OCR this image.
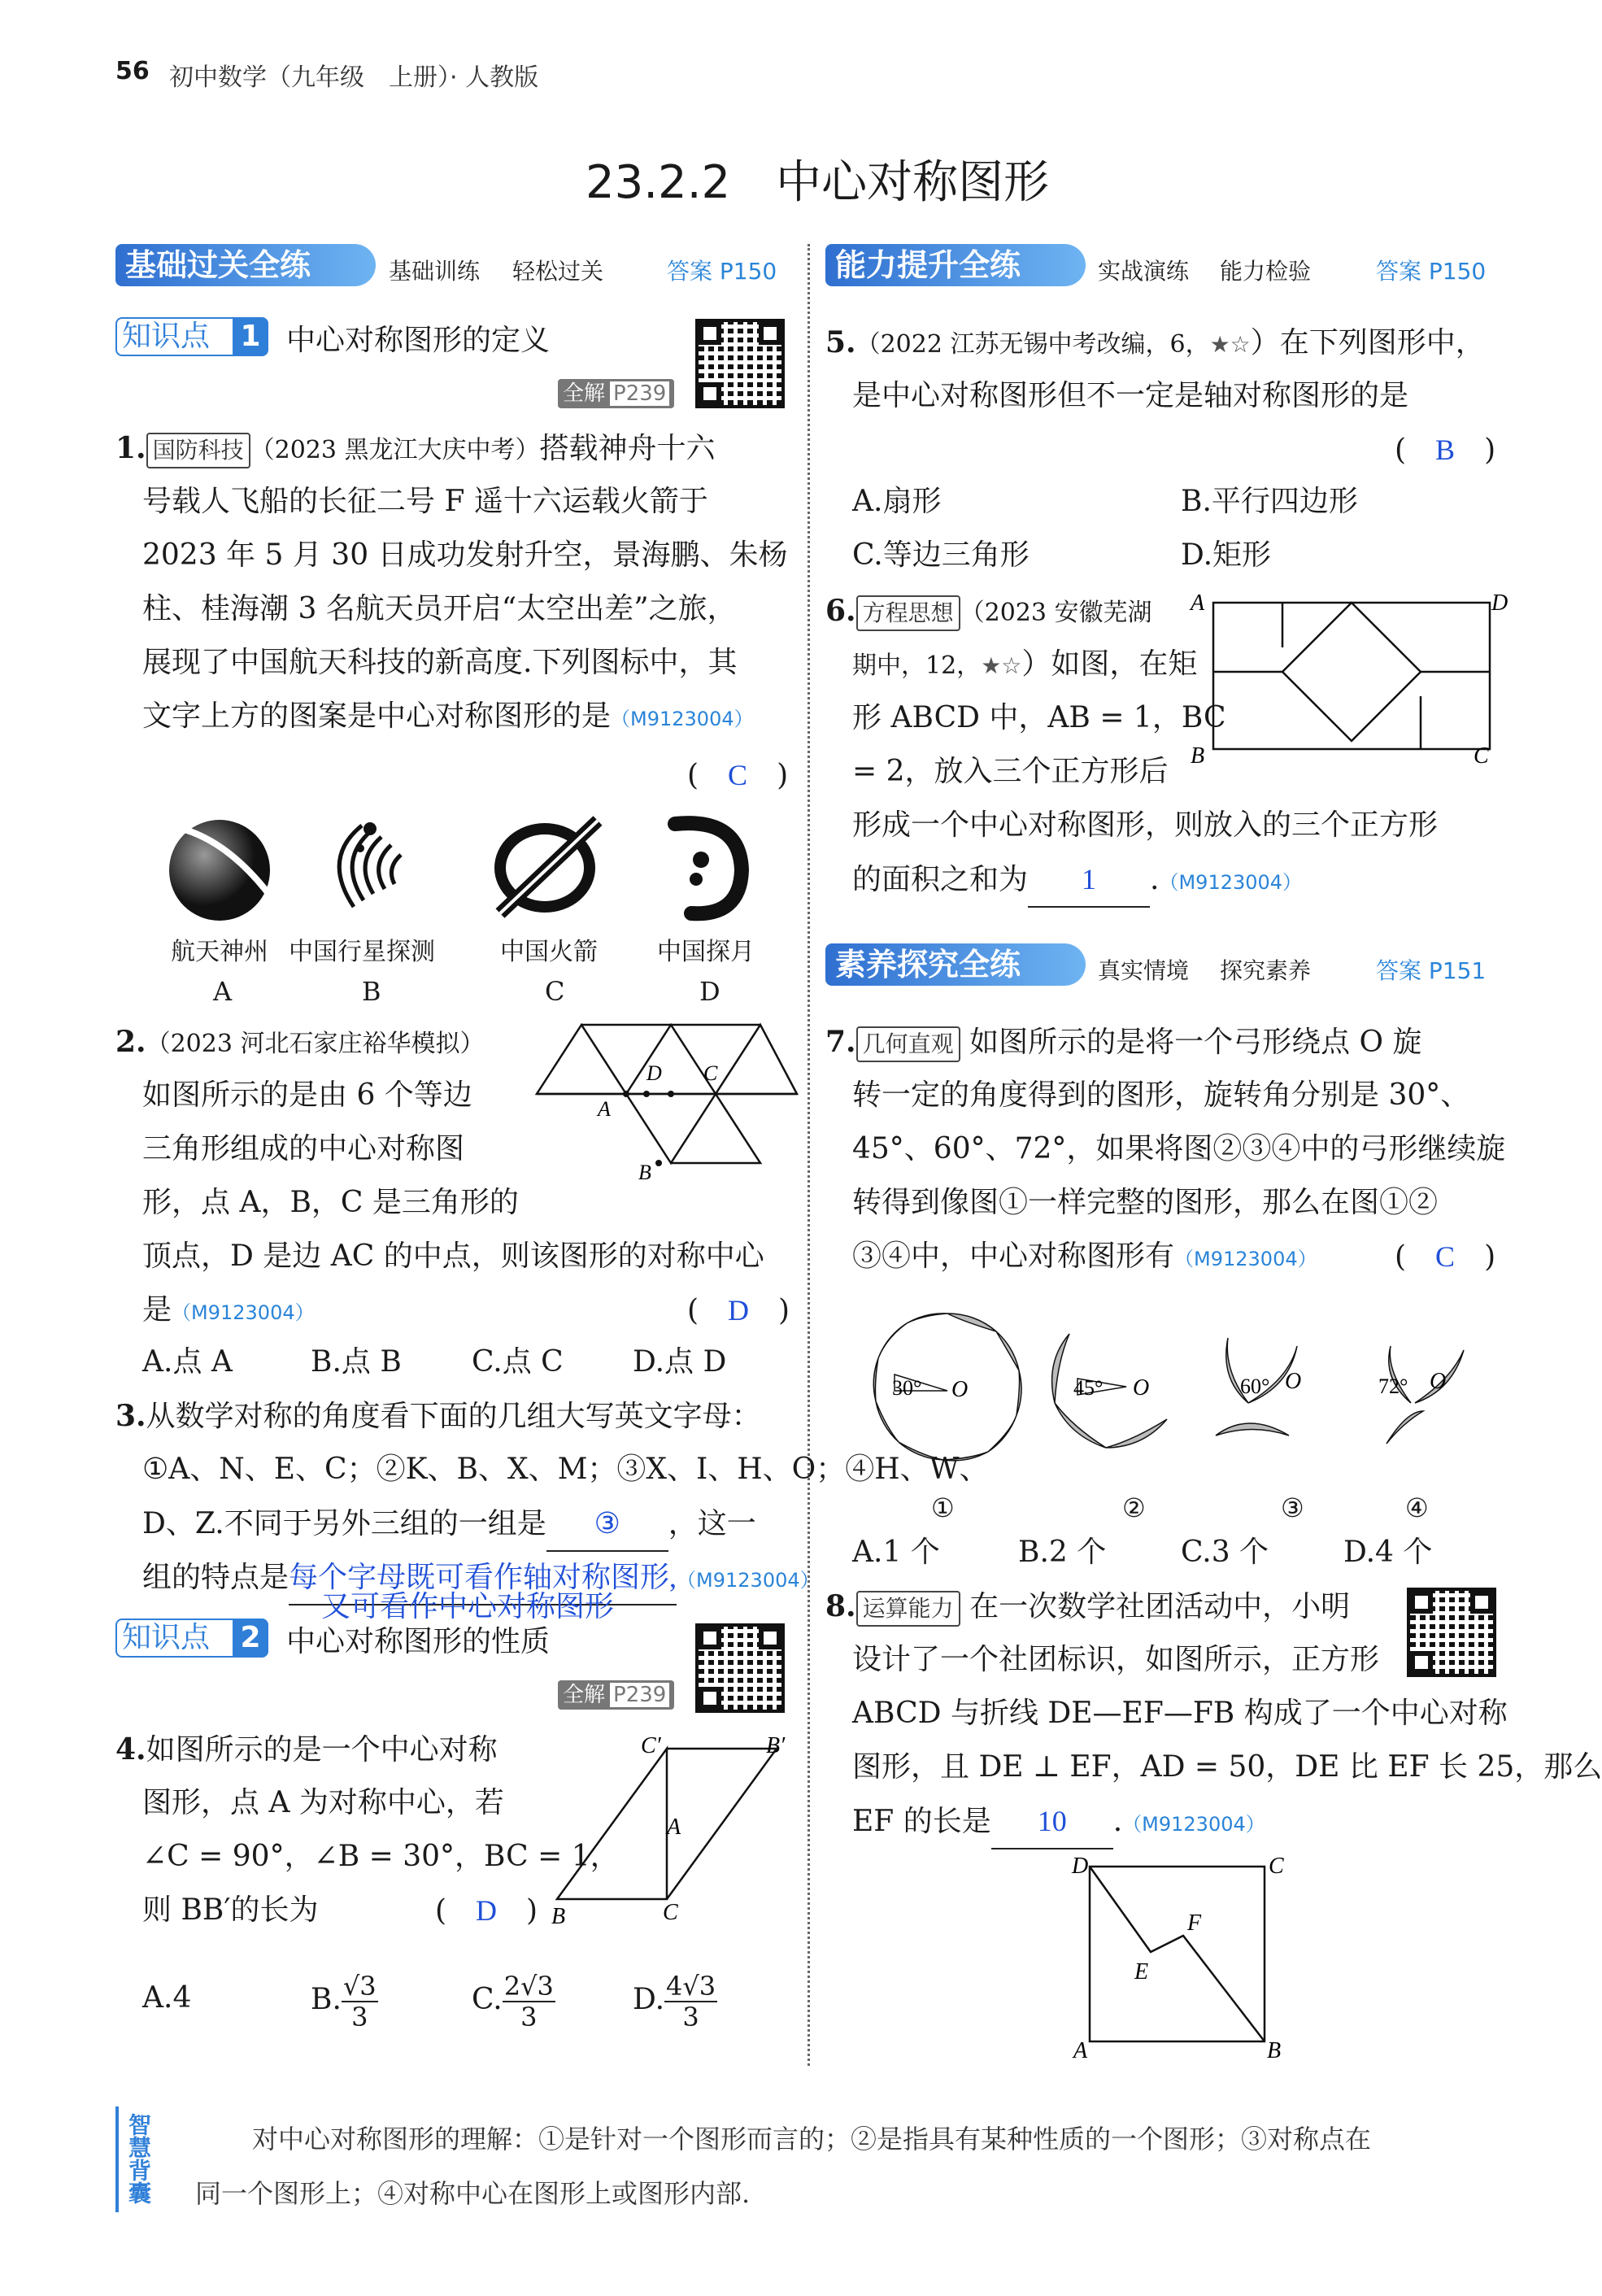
56 初中数学（九年级　上册）· 人教版
23.2.2　中心对称图形
基础过关全练	基础训练 轻松过关	答案 P150
知识点 1 中心对称图形的定义
全解 P239
1. 国防科技 （2023 黑龙江大庆中考）搭载神舟十六
号载人飞船的长征二号 F 遥十六运载火箭于
2023 年 5 月 30 日成功发射升空，景海鹏、朱杨
柱、桂海潮 3 名航天员开启“太空出差”之旅，
展现了中国航天科技的新高度.下列图标中，其
文字上方的图案是中心对称图形的是（M9123004）
(　C　)
航天神州 中国行星探测	中国火箭 中国探月
A	B	C	D
2.（2023 河北石家庄裕华模拟）
如图所示的是由 6 个等边
三角形组成的中心对称图
形，点 A，B，C 是三角形的
顶点，D 是边 AC 的中点，则该图形的对称中心
是（M9123004）	(　D　)
A.点 A	B.点 B C.点 C D.点 D
A
B
C
D
3.从数学对称的角度看下面的几组大写英文字母：
①A、N、E、C；②K、B、X、M；③X、I、H、O；④H、W、
D、Z.不同于另外三组的一组是 ③ ，这一
组的特点是每个字母既可看作轴对称图形,（M9123004）
又可看作中心对称图形
知识点 2 中心对称图形的性质
全解 P239
4.如图所示的是一个中心对称
图形，点 A 为对称中心，若
∠C = 90°，∠B = 30°，BC = 1，
则 BB′的长为	(　D　)
C′	B′
A
B	C
A.4	B. $\frac{√3}{3}$	C. $\frac{2√3}{3}$	D. $\frac{4√3}{3}$
能力提升全练	实战演练 能力检验	答案 P150
5.（2022 江苏无锡中考改编，6，★☆）在下列图形中，
是中心对称图形但不一定是轴对称图形的是
(　B　)
A.扇形	B.平行四边形
C.等边三角形	D.矩形
6. 方程思想 （2023 安徽芜湖
期中，12，★☆）如图，在矩
形 ABCD 中，AB = 1，BC
= 2，放入三个正方形后
形成一个中心对称图形，则放入的三个正方形
的面积之和为 1 .（M9123004）
A	D
B	C
素养探究全练	真实情境 探究素养	答案 P151
7. 几何直观 如图所示的是将一个弓形绕点 O 旋
转一定的角度得到的图形，旋转角分别是 30°、
45°、60°、72°，如果将图②③④中的弓形继续旋
转得到像图①一样完整的图形，那么在图①②
③④中，中心对称图形有（M9123004）	(　C　)
30° O	45° O	60° O	72° O
①	②	③	④
A.1 个	B.2 个	C.3 个	D.4 个
8. 运算能力 在一次数学社团活动中，小明
设计了一个社团标识，如图所示，正方形
ABCD 与折线 DE—EF—FB 构成了一个中心对称
图形，且 DE ⊥ EF，AD = 50，DE 比 EF 长 25，那么
EF 的长是 10 .（M9123004）
D	C
F
E
A	B
智慧背囊	对中心对称图形的理解：①是针对一个图形而言的；②是指具有某种性质的一个图形；③对称点在
同一个图形上；④对称中心在图形上或图形内部.
